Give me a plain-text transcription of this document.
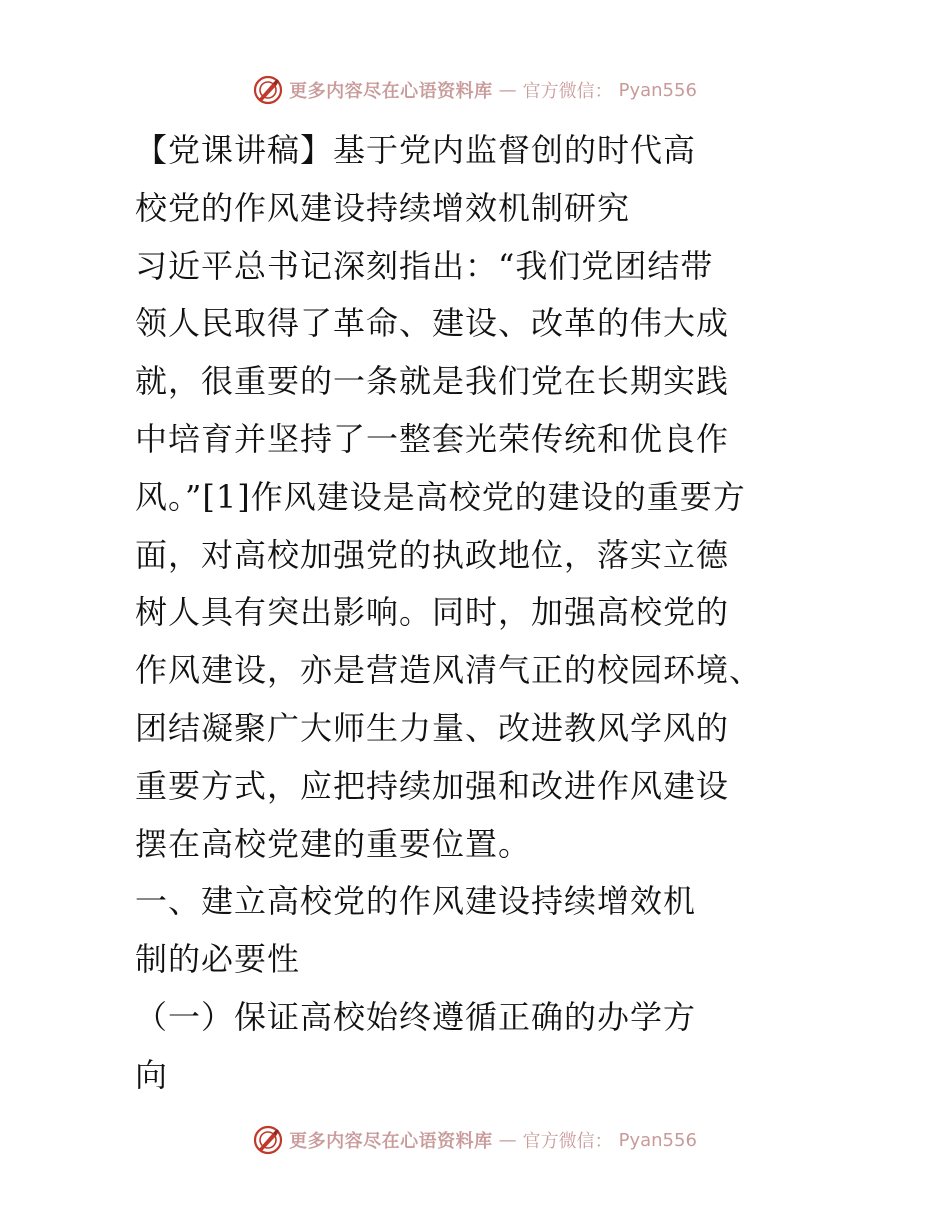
更多内容尽在心语资料库 — 官方微信： Pyan556
【党课讲稿】基于党内监督创的时代高
校党的作风建设持续增效机制研究
习近平总书记深刻指出：“我们党团结带
领人民取得了革命、建设、改革的伟大成
就，很重要的一条就是我们党在长期实践
中培育并坚持了一整套光荣传统和优良作
风。”[1]作风建设是高校党的建设的重要方
面，对高校加强党的执政地位，落实立德
树人具有突出影响。同时，加强高校党的
作风建设，亦是营造风清气正的校园环境、
团结凝聚广大师生力量、改进教风学风的
重要方式，应把持续加强和改进作风建设
摆在高校党建的重要位置。
一、建立高校党的作风建设持续增效机
制的必要性
（一）保证高校始终遵循正确的办学方
向
更多内容尽在心语资料库 — 官方微信： Pyan556
